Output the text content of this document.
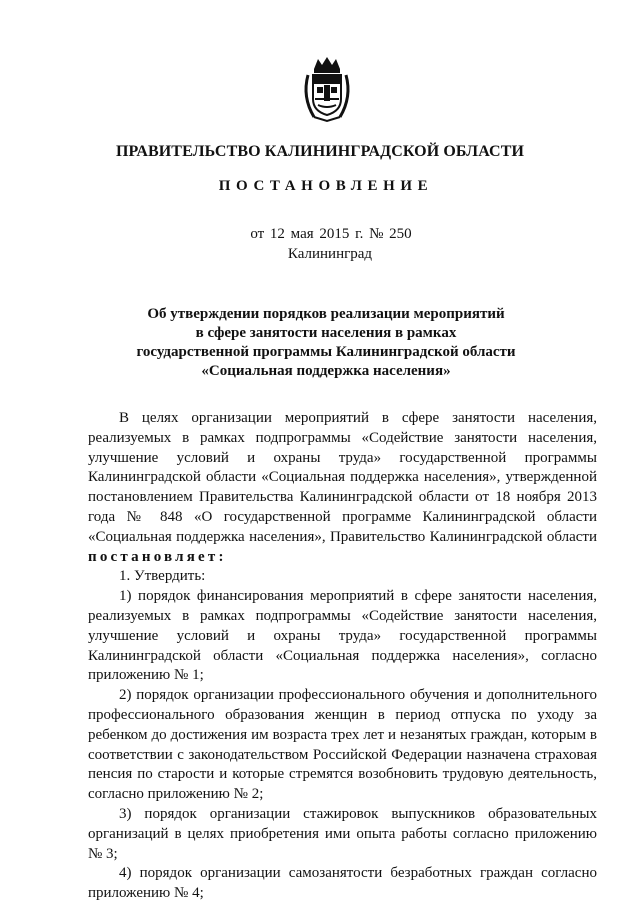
ПРАВИТЕЛЬСТВО КАЛИНИНГРАДСКОЙ ОБЛАСТИ
ПОСТАНОВЛЕНИЕ
от 12 мая 2015 г. № 250
Калининград
Об утверждении порядков реализации мероприятий
в сфере занятости населения в рамках
государственной программы Калининградской области
«Социальная поддержка населения»

В целях организации мероприятий в сфере занятости населения, реализуемых в рамках подпрограммы «Содействие занятости населения, улучшение условий и охраны труда» государственной программы Калининградской области «Социальная поддержка населения», утвержденной постановлением Правительства Калининградской области от 18 ноября 2013 года № 848 «О государственной программе Калининградской области «Социальная поддержка населения», Правительство Калининградской области постановляет:

1. Утвердить:

1) порядок финансирования мероприятий в сфере занятости населения, реализуемых в рамках подпрограммы «Содействие занятости населения, улучшение условий и охраны труда» государственной программы Калининградской области «Социальная поддержка населения», согласно приложению № 1;

2) порядок организации профессионального обучения и дополнительного профессионального образования женщин в период отпуска по уходу за ребенком до достижения им возраста трех лет и незанятых граждан, которым в соответствии с законодательством Российской Федерации назначена страховая пенсия по старости и которые стремятся возобновить трудовую деятельность, согласно приложению № 2;

3) порядок организации стажировок выпускников образовательных организаций в целях приобретения ими опыта работы согласно приложению № 3;

4) порядок организации самозанятости безработных граждан согласно приложению № 4;
